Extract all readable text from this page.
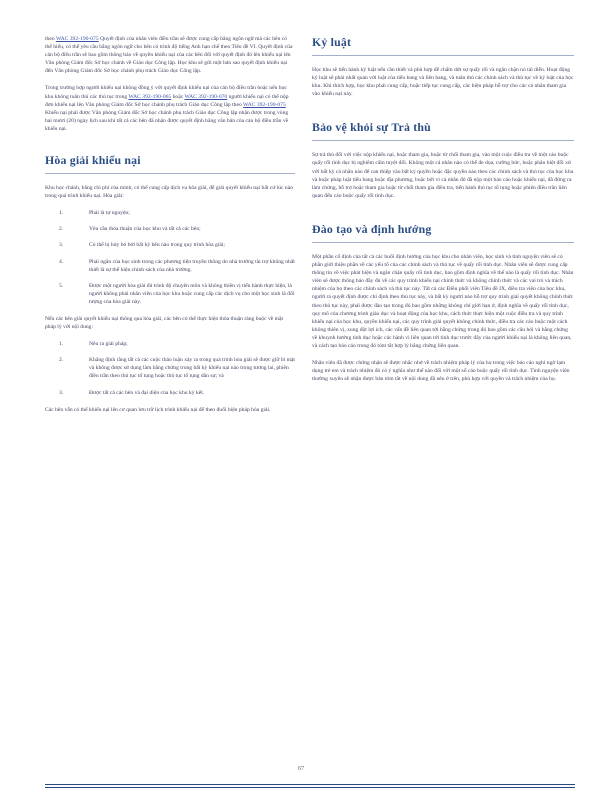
theo WAC 392-190-075 Quyết định của nhân viên điều trần sẽ được cung cấp bằng ngôn ngữ mà các bên có thể hiểu, có thể yêu cầu bằng ngôn ngữ cho bên có trình độ tiếng Anh hạn chế theo Tiêu đề VI. Quyết định của cán bộ điều trần sẽ bao gồm thông báo về quyền khiếu nại của các bên đối với quyết định đó lên khiếu nại lên Văn phòng Giám đốc Sở học chánh về Giáo dục Công lập. Học khu sẽ gửi một bản sao quyết định khiếu nại đến Văn phòng Giám đốc Sở học chánh phụ trách Giáo dục Công lập.

Trong trường hợp người khiếu nại không đồng ý với quyết định khiếu nại của cán bộ điều trần hoặc nếu học khu không tuân thủ các thủ tục trong WAC 392-190-065 hoặc WAC 392-190-070 người khiếu nại có thể nộp đơn khiếu nại lên Văn phòng Giám đốc Sở học chánh phụ trách Giáo dục Công lập theo WAC 392-190-075 Khiếu nại phải được Văn phòng Giám đốc Sở học chánh phụ trách Giáo dục Công lập nhận được trong vòng hai mươi (20) ngày lịch sau khi tất cả các bên đã nhận được quyết định bằng văn bản của cán bộ điều trần về khiếu nại.

Hòa giải khiếu nại

Khu học chánh, bằng chi phí của mình, có thể cung cấp dịch vụ hòa giải, để giải quyết khiếu nại bất cứ lúc nào trong quá trình khiếu nại. Hòa giải:

1.	Phải là tự nguyện;
2.	Yêu cầu thỏa thuận của học khu và tất cả các bên;
3.	Có thể bị hủy bỏ bởi bất kỳ bên nào trong quy trình hòa giải;
4.	Phải ngăn của học sinh trong các phương tiện truyền thông do nhà trường tài trợ không nhất thiết là sự thể hiện chính sách của nhà trường.
5.	Được một người hòa giải đủ trình độ chuyên môn và không thiên vị tiến hành thực hiện, là người không phải nhân viên của học khu hoặc cung cấp các dịch vụ cho một học sinh là đối tượng của hòa giải này.

Nếu các bên giải quyết khiếu nại thông qua hòa giải, các bên có thể thực hiện thỏa thuận ràng buộc về mặt pháp lý với nội dung:

1.	Nêu ra giải pháp;
2.	Khẳng định rằng tất cả các cuộc thảo luận xảy ra trong quá trình hòa giải sẽ được giữ bí mật và không được sử dụng làm bằng chứng trong bất kỳ khiếu nại nào trong tương lai, phiên điều trần theo thủ tục tố tụng hoặc thủ tục tố tụng dân sự; và
3.	Được tất cả các bên và đại diện của học khu ký kết.

Các bên vẫn có thể khiếu nại lên cơ quan lưu trữ lịch trình khiếu nại để theo đuổi biện pháp hòa giải.

Kỷ luật

Học khu sẽ tiến hành kỷ luật nếu cần thiết và phù hợp để chấm dứt sự quấy rối và ngăn chặn nó tái diễn. Hoạt động kỷ luật sẽ phải nhất quán với luật của tiểu bang và liên bang, và tuân thủ các chính sách và thủ tục về kỷ luật của học khu. Khi thích hợp, học khu phải cung cấp, hoặc tiếp tục cung cấp, các biện pháp hỗ trợ cho các cá nhân tham gia vào khiếu nại này.

Bảo vệ khỏi sự Trả thù

Sự trả thù đối với việc nộp khiếu nại, hoặc tham gia, hoặc từ chối tham gia, vào một cuộc điều tra về một cáo buộc quấy rối tình dục bị nghiêm cấm tuyệt đối. Không một cá nhân nào có thể đe dọa, cưỡng bức, hoặc phân biệt đối xử với bất kỳ cá nhân nào để can thiệp vào bất kỳ quyền hoặc đặc quyền nào theo các chính sách và thủ tục của học khu và hoặc pháp luật tiểu bang hoặc địa phương, hoặc bởi vì cá nhân đó đã nộp một báo cáo hoặc khiếu nại, đã đứng ra làm chứng, hỗ trợ hoặc tham gia hoặc từ chối tham gia điều tra, tiến hành thủ tục tố tụng hoặc phiên điều trần liên quan đến cáo buộc quấy rối tình dục.

Đào tạo và định hướng

Một phần cố định của tất cả các buổi định hướng của học khu cho nhân viên, học sinh và tình nguyện viên sẽ có phần giới thiệu phần về các yếu tố của các chính sách và thủ tục về quấy rối tình dục. Nhân viên sẽ được cung cấp thông tin về việc phát hiện và ngăn chặn quấy rối tình dục, bao gồm định nghĩa về thế nào là quấy rối tình dục. Nhân viên sẽ được thông báo đầy đủ về các quy trình khiếu nại chính thức và không chính thức và các vai trò và trách nhiệm của họ theo các chính sách và thủ tục này. Tất cả các Điều phối viên Tiêu đề IX, điều tra viên của học khu, người ra quyết định được chỉ định theo thủ tục này, và bất kỳ người nào hỗ trợ quy trình giải quyết không chính thức theo thủ tục này, phải được đào tạo trong đó bao gồm những không chỉ giới hạn ở, định nghĩa về quấy rối tình dục, quy mô của chương trình giáo dục và hoạt động của học khu, cách thức thực hiện một cuộc điều tra và quy trình khiếu nại của học khu, quyền khiếu nại, các quy trình giải quyết không chính thức, điều tra các cáo buộc một cách không thiên vị, xung đột lợi ích, các vấn đề liên quan tới bằng chứng trong đó bao gồm các câu hỏi và bằng chứng về khuynh hướng tình dục hoặc các hành vi liên quan tới tình dục trước đây của người khiếu nại là không liên quan, và cách tạo báo cáo trong đó tóm tắt hợp lý bằng chứng liên quan.

Nhân viên đã được chứng nhận sẽ được nhắc nhở về trách nhiệm pháp lý của họ trong việc báo cáo nghi ngờ lạm dụng trẻ em và trách nhiệm đó có ý nghĩa như thế nào đối với một số cáo buộc quấy rối tình dục. Tình nguyện viên thường xuyên sẽ nhận được bản tóm tắt về nội dung đã nêu ở trên, phù hợp với quyền và trách nhiệm của họ.

67
